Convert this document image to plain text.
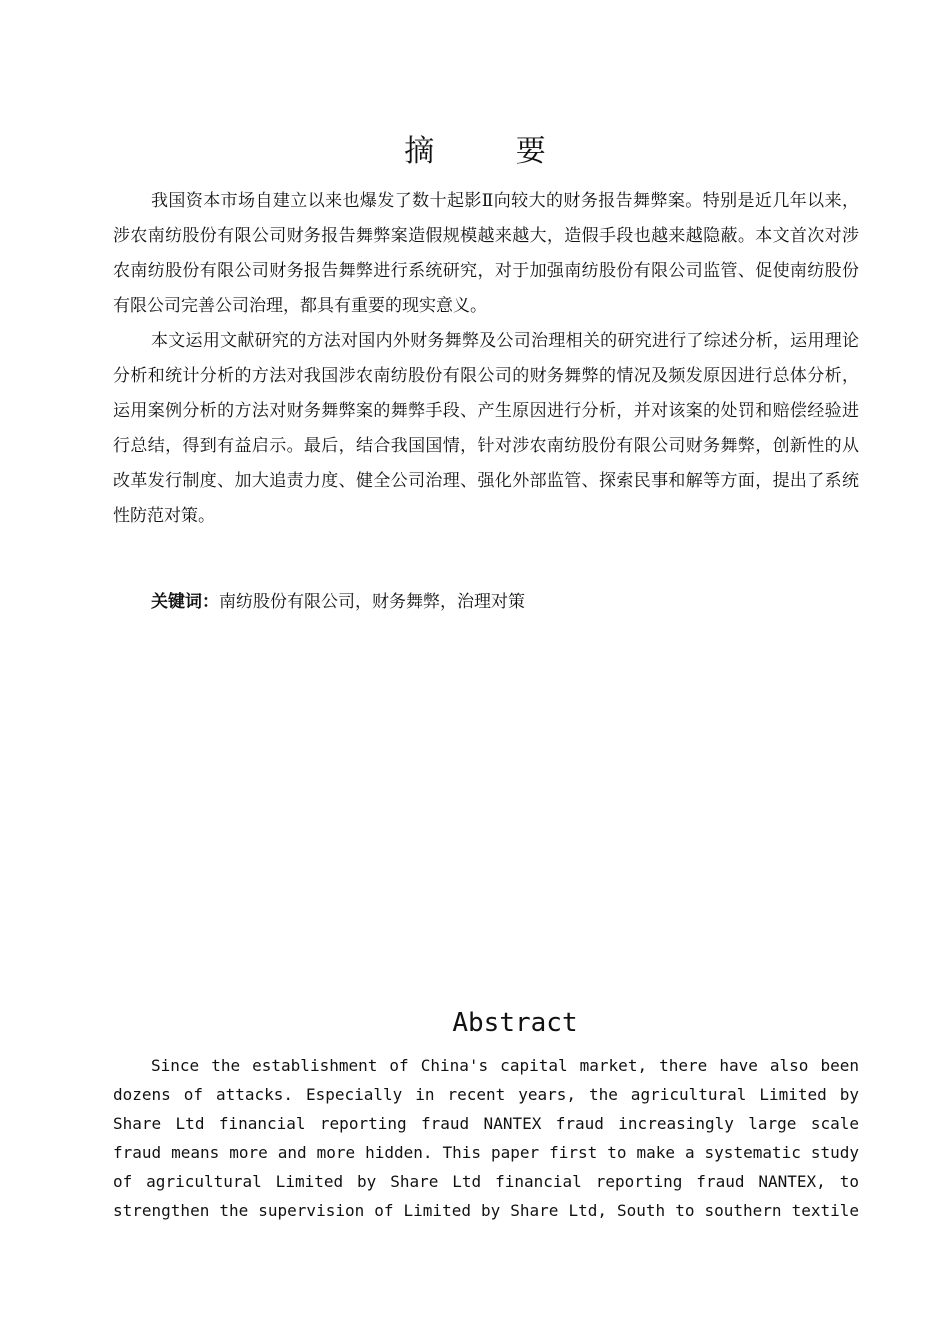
摘 要

我国资本市场自建立以来也爆发了数十起影Ⅱ向较大的财务报告舞弊案。特别是近几年以来，涉农南纺股份有限公司财务报告舞弊案造假规模越来越大，造假手段也越来越隐蔽。本文首次对涉农南纺股份有限公司财务报告舞弊进行系统研究，对于加强南纺股份有限公司监管、促使南纺股份有限公司完善公司治理，都具有重要的现实意义。

本文运用文献研究的方法对国内外财务舞弊及公司治理相关的研究进行了综述分析，运用理论分析和统计分析的方法对我国涉农南纺股份有限公司的财务舞弊的情况及频发原因进行总体分析，运用案例分析的方法对财务舞弊案的舞弊手段、产生原因进行分析，并对该案的处罚和赔偿经验进行总结，得到有益启示。最后，结合我国国情，针对涉农南纺股份有限公司财务舞弊，创新性的从改革发行制度、加大追责力度、健全公司治理、强化外部监管、探索民事和解等方面，提出了系统性防范对策。

关键词：南纺股份有限公司，财务舞弊，治理对策
Abstract

Since the establishment of China's capital market, there have also been dozens of attacks. Especially in recent years, the agricultural Limited by Share Ltd financial reporting fraud NANTEX fraud increasingly large scale fraud means more and more hidden. This paper first to make a systematic study of agricultural Limited by Share Ltd financial reporting fraud NANTEX, to strengthen the supervision of Limited by Share Ltd, South to southern textile
